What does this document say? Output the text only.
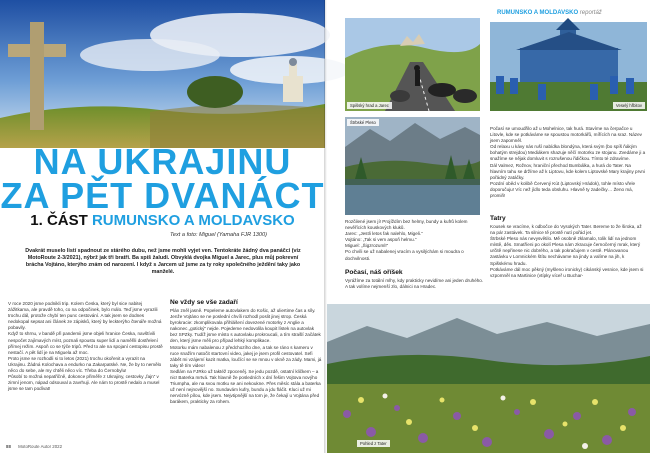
NA UKRAJINU
ZA PĚT DVANÁCT
1. ČÁST RUMUNSKO A MOLDAVSKO
Text a foto: Miguel (Yamaha FJR 1300)
Dvakrát muselo listí spadnout ze stárého dubu, než jsme mohli vyjet ven. Tentokráte žádný dva panáčci (viz MotoRoute 2-3/2021), nýbrž jak tři bratři. Ba spíš žaludi. Obvyklá dvojka Miguel a Jarec, plus můj pokrevní brácha Vojtáno, kterýho znám od narození. I když s Jarcem už jsme za ty roky společného ježdění taky jako manželé.
V roce 2020 jsme podnikli trip. Kolem Česka, který byl sice nabitej zážitkama, ale pravdě toho, co na odpočinek, bylo málo. Teď jsme vyrazili trochu dál, protože chybí ten punc cestování. A tak jsem se dodnes nedokopal sepsat ani článek ze zápisků, který by leckterýho čtenáře možná pobavily.
Když to shrnu, v bandě při pandemii jsme objeli hranice Česka, navštívili nespočet zajímavých míst, poznali spoustu super lidí a naměřili dostřelení přímej režim. Aspoň co se týče tripů. Před to ale na spojaní cestopisu prostě nestačí. A pět lidí je na Miguela až moc.
Proto jsme se rozhodli si to letos (2021) trochu okořenit a vyrazit na Ukrajinu. Žádná Kolochava a endurko na Zakarpatské. Ne, že by to nemělo něco do sebe, ale my chtěli něco víc. Třeba do Černobylu!
Působí to možná nepatřičně, dokonce přiměře z Ukrajiny, cestovky „fajn“ v zimní jenom, nápad odsouval a zavrhuji. Ale nám to prostě nedalo a musel jsme se tam podívat!
Ne vždy se vše zadaří
Plán zněl jasně. Popeleme autovlakem do Košic, až uliertime čas a síly. Jenže Vojtáno se ne poslední chvíli rozhodl poslit jinej strop. Česká byrokracie: zkomplikovala přihlášení dovezené motorky z Anglie a nakonec „gotický“ nejde. Pojedeme nedovolila koupit lístek na autovlak bez SPZky. Tudíž jsme místo s autovlaku prokroucali, a tím strašlí začátek den, který jsme měli pro případ lehký komplikace.
Motorku mám nabalenou z předchozího dne, a tak se ráno s kameru v ruce snažím natočit startovní video, jakej je jsem profil cestovatel. Sefi zábět mi vzájemí kazit matka, loučící se se mnou v okně za zády. Mami, já taky tě tím video!
Sedlám na FJRko už taktéž zpoceněj. Se jedu pozdě, ostatní kličkem – a nic! Baterka mrtvá. Tak hlavně že posledních x dní řešim Vojtova novýho Triumpha, ale na svou motku se ani nekoukne. Přes měsíc stála a baterka už není nejnovější no. Sundavám kufry, bundu a jdu fláčit. Kluci už mi nervózně pílou, kde jsem. Nejvtipnější na tom je, že čekají u Vojtána před barákem, prakticky za rohem.
88 MotoRoute Autor 2022
RUMUNSKO A MOLDAVSKO reportáž
Spišský hrad a Jarec	Veselý hřbitov
Štrbské Pleso
Rozčilené jsem jí! Projíždím bez helmy, bundy a kufrů kolem nevěřících kouskových kluků.
Jarec: „Jestli letos fak nalehlo, Migeli.“
Vojtáno: „Tak si vem aspoň helmu.“
Miguel: „Šigzrozuml!“
Po chvíli se už nabalenej vracím a vysilýchám si moudra o dochvilnosti.
Počasí, náš oříšek
Vyrážíme za totální mlhy, kdy prakticky nevidíme ani jeden druhého. A tak volíme nejmenší zlo, dálnici na Hradec.
Počasí se umoudřilo až u Mohelnice, tak hurá. Stavíme na čerpačce u Litovle, kde se potkáváme se spoustou motorkářů, mířících na sraz. Název jsem zapomněl.
Od relaxu u kávy nás ruší nabídka blondýna, která svým (bo spíš ňákým bohatým strejdou) Mediákem shazuje něčí motorku ze stojanu. Zvedáme ji a snažíme se nějak domluvit s rozrušenou řidičkou. Tímto té zdravíme.
Dál Valmez, Rožnov, hraniční přechod Bumbálka, a hurá do Tater. Na hlavním tahu se držíme až k Liptovu, kde kolem Liptovské Mary krajiny prvni pořádný zatáčky.
Pozdní oběd v kolibě Červený Kút (Liptovský Hrádok), tohle místo vřele doporučuju! Víc než jídlo teda obsluhu. Hlavně ty zadečky… Ženo má, promiň!
Tatry
Kousek se vracíme, k odbočce do Vysokých Tater. Bereme to že široka, až na pár zastávek. Ta silnice tě prostě nutí pořád jet.
Štrbské Pleso nás nevysvětilo. Mě osobně zklamalo, tolik lidí na jednom místě, děs. Smatříeni po okolí Plesa nám zkracuje černočerný mrak, který určitě nepřinese nic dobrého, a tak pokračujem v cestě. Plánovanou zastávku v Lomnickém štítu nechávame na jindy a valíme na jih, k Spišskému hradu.
Potkáváme dál moc pěkný (myšleno ironicky) cikánský vesnice, kde jsem si vzpomněl na Martinice (vtípky víceř u Buchar-
Pohled z Tater
